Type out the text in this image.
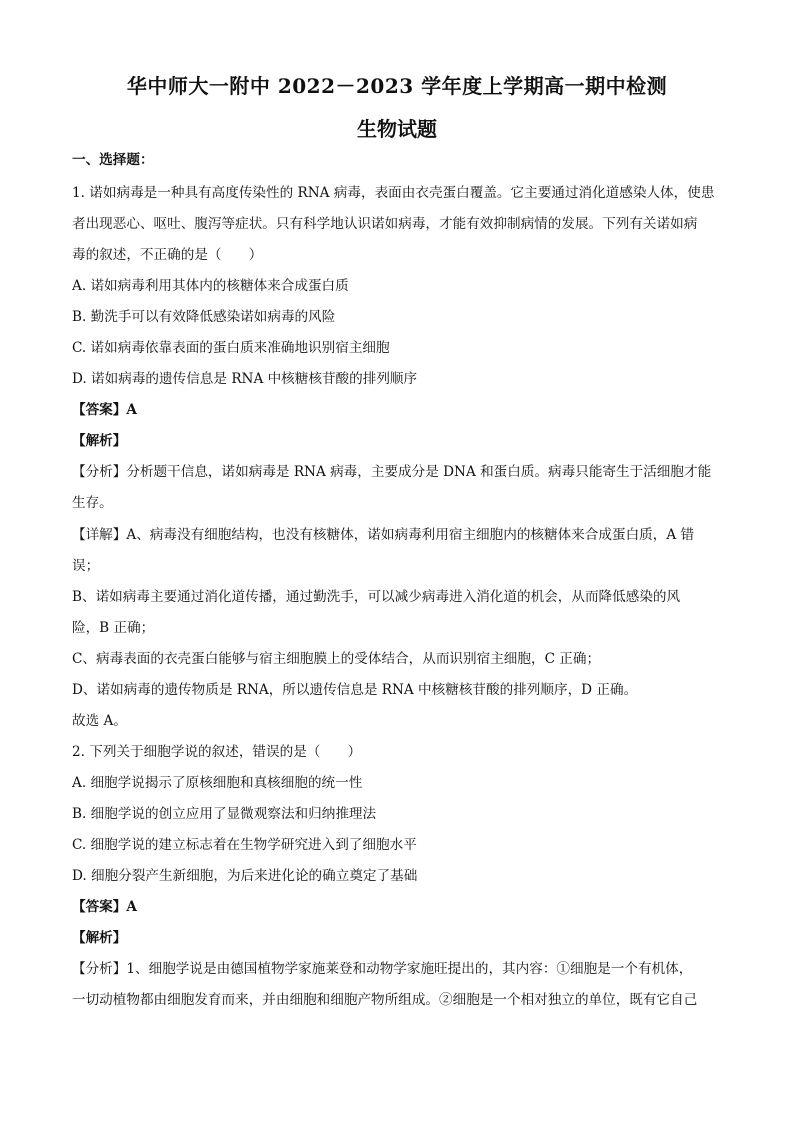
华中师大一附中 2022－2023 学年度上学期高一期中检测
生物试题
一、选择题：
1. 诺如病毒是一种具有高度传染性的 RNA 病毒，表面由衣壳蛋白覆盖。它主要通过消化道感染人体，使患
者出现恶心、呕吐、腹泻等症状。只有科学地认识诺如病毒，才能有效抑制病情的发展。下列有关诺如病
毒的叙述，不正确的是（　　）
A. 诺如病毒利用其体内的核糖体来合成蛋白质
B. 勤洗手可以有效降低感染诺如病毒的风险
C. 诺如病毒依靠表面的蛋白质来准确地识别宿主细胞
D. 诺如病毒的遗传信息是 RNA 中核糖核苷酸的排列顺序
【答案】A
【解析】
【分析】分析题干信息，诺如病毒是 RNA 病毒，主要成分是 DNA 和蛋白质。病毒只能寄生于活细胞才能
生存。
【详解】A、病毒没有细胞结构，也没有核糖体，诺如病毒利用宿主细胞内的核糖体来合成蛋白质，A 错
误；
B、诺如病毒主要通过消化道传播，通过勤洗手，可以减少病毒进入消化道的机会，从而降低感染的风
险，B 正确；
C、病毒表面的衣壳蛋白能够与宿主细胞膜上的受体结合，从而识别宿主细胞，C 正确；
D、诺如病毒的遗传物质是 RNA，所以遗传信息是 RNA 中核糖核苷酸的排列顺序，D 正确。
故选 A。
2. 下列关于细胞学说的叙述，错误的是（　　）
A. 细胞学说揭示了原核细胞和真核细胞的统一性
B. 细胞学说的创立应用了显微观察法和归纳推理法
C. 细胞学说的建立标志着在生物学研究进入到了细胞水平
D. 细胞分裂产生新细胞，为后来进化论的确立奠定了基础
【答案】A
【解析】
【分析】1、细胞学说是由德国植物学家施莱登和动物学家施旺提出的，其内容：①细胞是一个有机体，
一切动植物都由细胞发育而来，并由细胞和细胞产物所组成。②细胞是一个相对独立的单位，既有它自己
